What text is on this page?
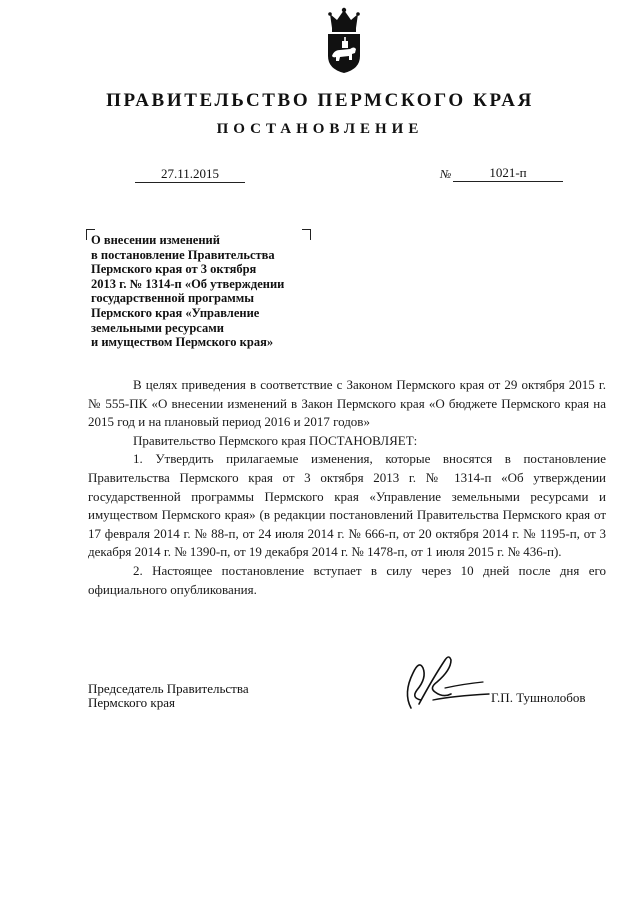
ПРАВИТЕЛЬСТВО ПЕРМСКОГО КРАЯ
ПОСТАНОВЛЕНИЕ
27.11.2015	№	1021-п
О внесении изменений
в постановление Правительства
Пермского края от 3 октября
2013 г. № 1314-п «Об утверждении
государственной программы
Пермского края «Управление
земельными ресурсами
и имуществом Пермского края»

В целях приведения в соответствие с Законом Пермского края от 29 октября 2015 г. № 555-ПК «О внесении изменений в Закон Пермского края «О бюджете Пермского края на 2015 год и на плановый период 2016 и 2017 годов»

Правительство Пермского края ПОСТАНОВЛЯЕТ:

1. Утвердить прилагаемые изменения, которые вносятся в постановление Правительства Пермского края от 3 октября 2013 г. № 1314-п «Об утверждении государственной программы Пермского края «Управление земельными ресурсами и имуществом Пермского края» (в редакции постановлений Правительства Пермского края от 17 февраля 2014 г. № 88-п, от 24 июля 2014 г. № 666-п, от 20 октября 2014 г. № 1195-п, от 3 декабря 2014 г. № 1390-п, от 19 декабря 2014 г. № 1478-п, от 1 июля 2015 г. № 436-п).

2. Настоящее постановление вступает в силу через 10 дней после дня его официального опубликования.

Председатель Правительства
Пермского края	Г.П. Тушнолобов
